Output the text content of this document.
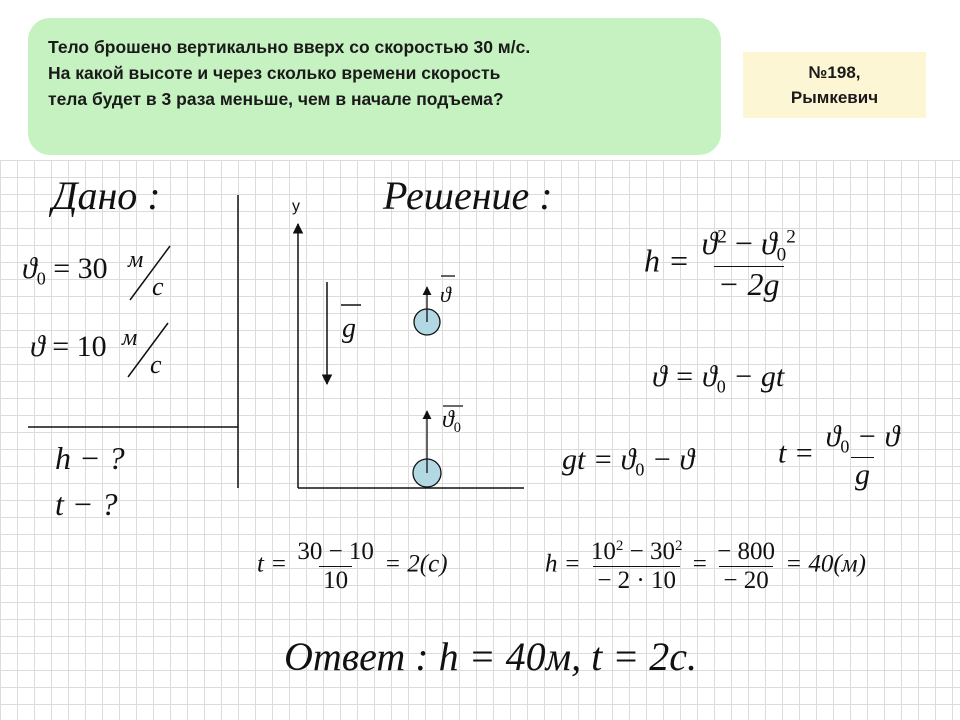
Тело брошено вертикально вверх со скоростью 30 м/с.
На какой высоте и через сколько времени скорость
тела будет в 3 раза меньше, чем в начале подъема?
№198,
Рымкевич
Дано :
$ϑ_0 = 30$ м
с
ϑ = 10 м
с
h − ?
t − ?
y
g
ϑ
$ϑ_0$
Решение :
$h = \frac{ϑ^2 - ϑ_0^2}{- 2g}$
$ϑ = ϑ_0$ − gt
gt = $ϑ_0 - ϑ$	$t = \frac{ϑ_0 - ϑ}{g}$
$t = \frac{30 - 10}{10} = 2(с)$	$h = \frac{10^2 - 30^2}{- 2 \cdot 10} = \frac{- 800}{- 20} = 40(м)$
Ответ : h = 40м, t = 2c.
